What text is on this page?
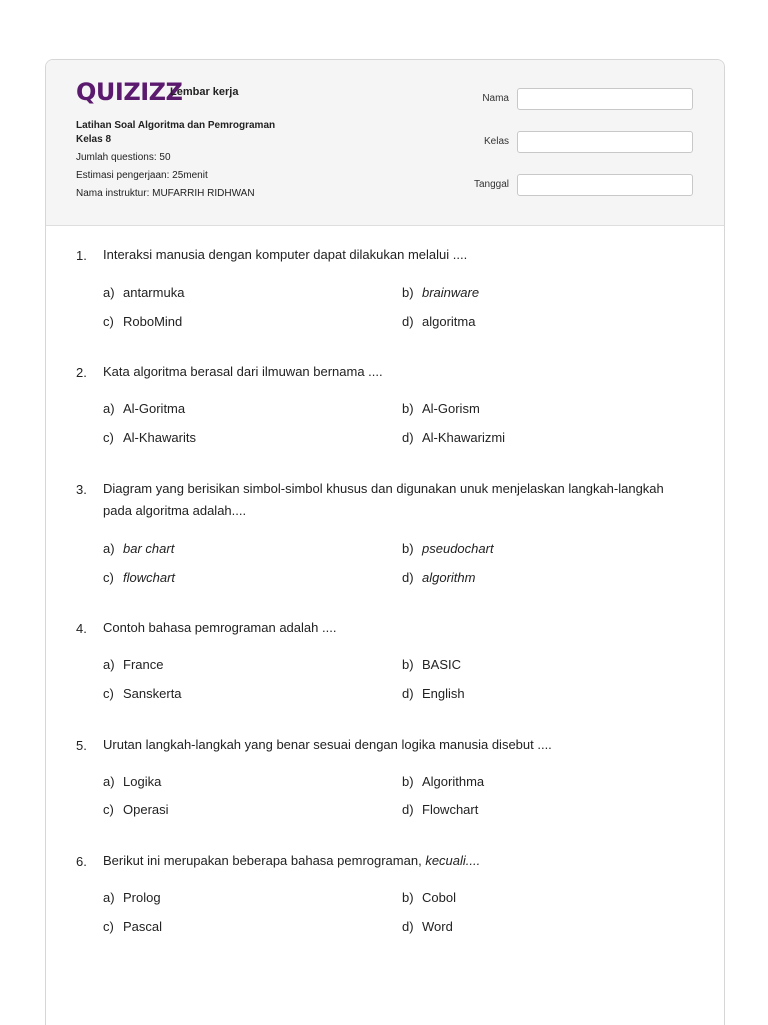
QUIZIZZ
Lembar kerja
Latihan Soal Algoritma dan Pemrograman
Kelas 8
Jumlah questions: 50
Estimasi pengerjaan: 25menit
Nama instruktur: MUFARRIH RIDHWAN
Nama
Kelas
Tanggal
1. Interaksi manusia dengan komputer dapat dilakukan melalui ....
a) antarmuka	b) brainware
c) RoboMind	d) algoritma
2. Kata algoritma berasal dari ilmuwan bernama ....
a) Al-Goritma	b) Al-Gorism
c) Al-Khawarits	d) Al-Khawarizmi
3. Diagram yang berisikan simbol-simbol khusus dan digunakan unuk menjelaskan langkah-langkah pada algoritma adalah....
a) bar chart	b) pseudochart
c) flowchart	d) algorithm
4. Contoh bahasa pemrograman adalah ....
a) France	b) BASIC
c) Sanskerta	d) English
5. Urutan langkah-langkah yang benar sesuai dengan logika manusia disebut ....
a) Logika	b) Algorithma
c) Operasi	d) Flowchart
6. Berikut ini merupakan beberapa bahasa pemrograman, kecuali....
a) Prolog	b) Cobol
c) Pascal	d) Word
